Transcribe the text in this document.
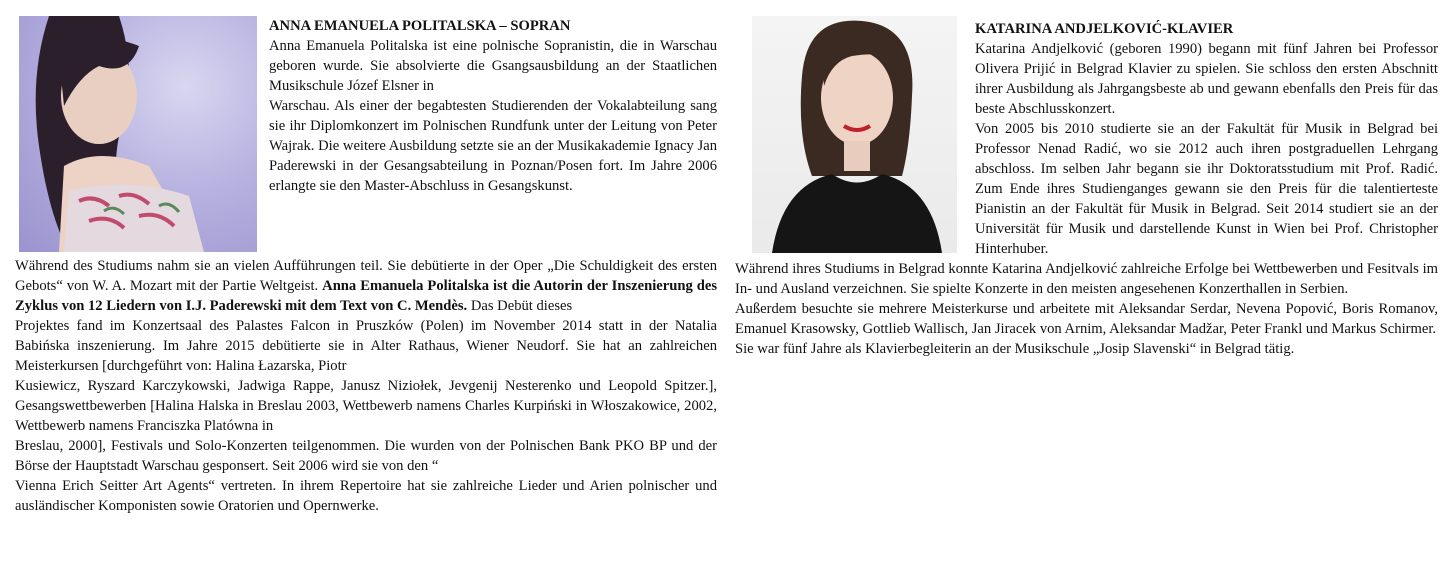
ANNA EMANUELA POLITALSKA – SOPRAN

Anna Emanuela Politalska ist eine polnische Sopranistin, die in Warschau geboren wurde. Sie absolvierte die Gsangsausbildung an der Staatlichen Musikschule Józef Elsner in

Warschau. Als einer der begabtesten Studierenden der Vokalabteilung sang sie ihr Diplomkonzert im Polnischen Rundfunk unter der Leitung von Peter Wajrak. Die weitere Ausbildung setzte sie an der Musikakademie Ignacy Jan Paderewski in der Gesangsabteilung in Poznan/Posen fort. Im Jahre 2006 erlangte sie den Master-Abschluss in Gesangskunst.

Während des Studiums nahm sie an vielen Aufführungen teil. Sie debütierte in der Oper „Die Schuldigkeit des ersten Gebots“ von W. A. Mozart mit der Partie Weltgeist. Anna Emanuela Politalska ist die Autorin der Inszenierung des Zyklus von 12 Liedern von I.J. Paderewski mit dem Text von C. Mendès. Das Debüt dieses

Projektes fand im Konzertsaal des Palastes Falcon in Pruszków (Polen) im November 2014 statt in der Natalia Babińska inszenierung. Im Jahre 2015 debütierte sie in Alter Rathaus, Wiener Neudorf. Sie hat an zahlreichen Meisterkursen [durchgeführt von: Halina Łazarska, Piotr

Kusiewicz, Ryszard Karczykowski, Jadwiga Rappe, Janusz Niziołek, Jevgenij Nesterenko und Leopold Spitzer.], Gesangswettbewerben [Halina Halska in Breslau 2003, Wettbewerb namens Charles Kurpiński in Włoszakowice, 2002, Wettbewerb namens Franciszka Platówna in

Breslau, 2000], Festivals und Solo-Konzerten teilgenommen. Die wurden von der Polnischen Bank PKO BP und der Börse der Hauptstadt Warschau gesponsert. Seit 2006 wird sie von den “

Vienna Erich Seitter Art Agents“ vertreten. In ihrem Repertoire hat sie zahlreiche Lieder und Arien polnischer und ausländischer Komponisten sowie Oratorien und Opernwerke.

KATARINA ANDJELKOVIĆ-KLAVIER

Katarina Andjelković (geboren 1990) begann mit fünf Jahren bei Professor Olivera Prijić in Belgrad Klavier zu spielen. Sie schloss den ersten Abschnitt ihrer Ausbildung als Jahrgangsbeste ab und gewann ebenfalls den Preis für das beste Abschlusskonzert.

Von 2005 bis 2010 studierte sie an der Fakultät für Musik in Belgrad bei Professor Nenad Radić, wo sie 2012 auch ihren postgraduellen Lehrgang abschloss. Im selben Jahr begann sie ihr Doktoratsstudium mit Prof. Radić. Zum Ende ihres Studienganges gewann sie den Preis für die talentierteste Pianistin an der Fakultät für Musik in Belgrad. Seit 2014 studiert sie an der Universität für Musik und darstellende Kunst in Wien bei Prof. Christopher Hinterhuber.

Während ihres Studiums in Belgrad konnte Katarina Andjelković zahlreiche Erfolge bei Wettbewerben und Fesitvals im In- und Ausland verzeichnen. Sie spielte Konzerte in den meisten angesehenen Konzerthallen in Serbien.

Außerdem besuchte sie mehrere Meisterkurse und arbeitete mit Aleksandar Serdar, Nevena Popović, Boris Romanov, Emanuel Krasowsky, Gottlieb Wallisch, Jan Jiracek von Arnim, Aleksandar Madžar, Peter Frankl und Markus Schirmer.

Sie war fünf Jahre als Klavierbegleiterin an der Musikschule „Josip Slavenski“ in Belgrad tätig.
